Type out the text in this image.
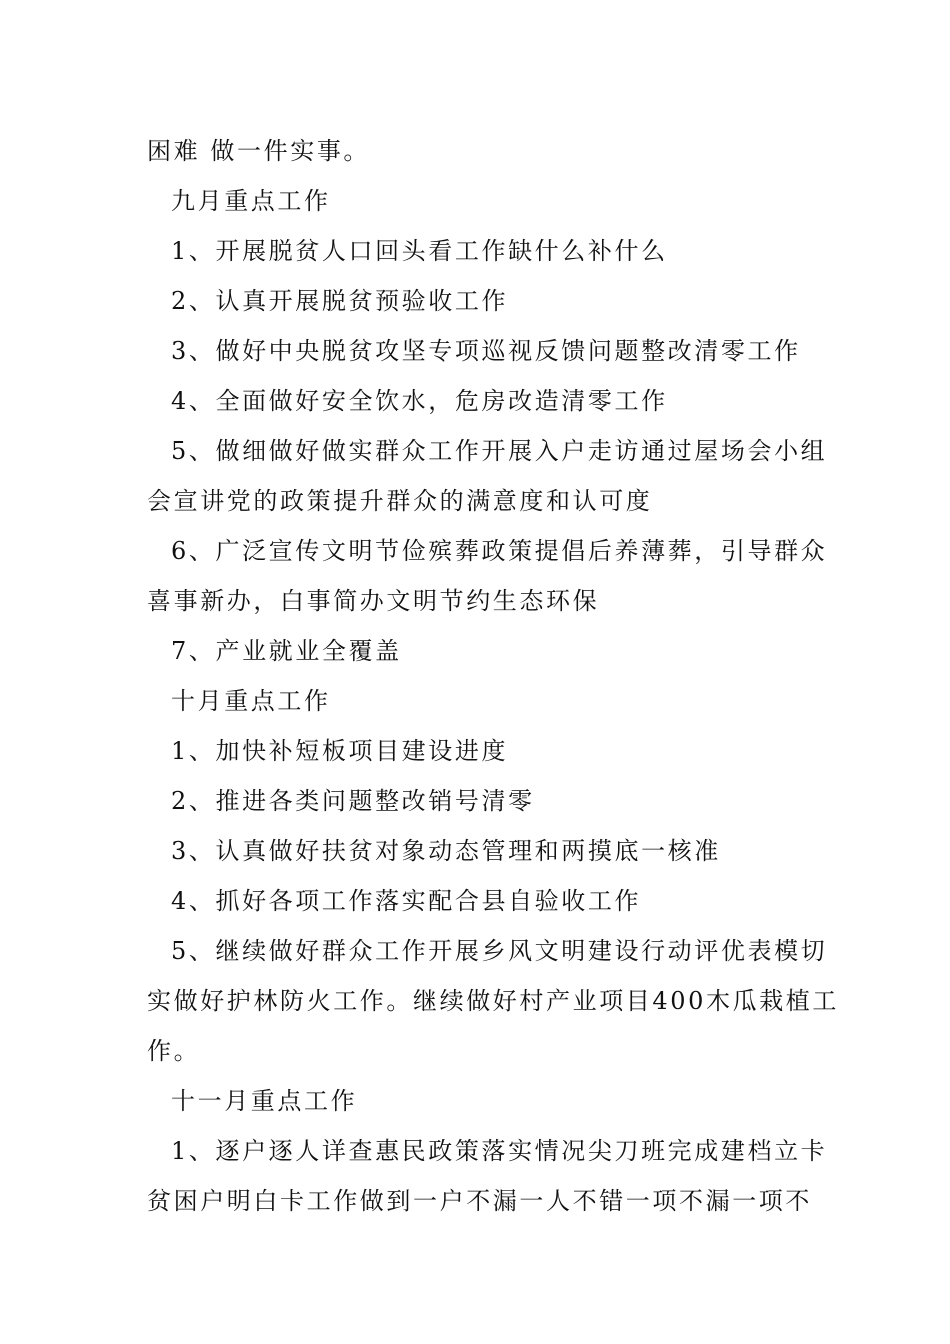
困难 做一件实事。
九月重点工作
1、开展脱贫人口回头看工作缺什么补什么
2、认真开展脱贫预验收工作
3、做好中央脱贫攻坚专项巡视反馈问题整改清零工作
4、全面做好安全饮水，危房改造清零工作
5、做细做好做实群众工作开展入户走访通过屋场会小组
会宣讲党的政策提升群众的满意度和认可度
6、广泛宣传文明节俭殡葬政策提倡后养薄葬，引导群众
喜事新办，白事简办文明节约生态环保
7、产业就业全覆盖
十月重点工作
1、加快补短板项目建设进度
2、推进各类问题整改销号清零
3、认真做好扶贫对象动态管理和两摸底一核准
4、抓好各项工作落实配合县自验收工作
5、继续做好群众工作开展乡风文明建设行动评优表模切
实做好护林防火工作。继续做好村产业项目400木瓜栽植工
作。
十一月重点工作
1、逐户逐人详查惠民政策落实情况尖刀班完成建档立卡
贫困户明白卡工作做到一户不漏一人不错一项不漏一项不
